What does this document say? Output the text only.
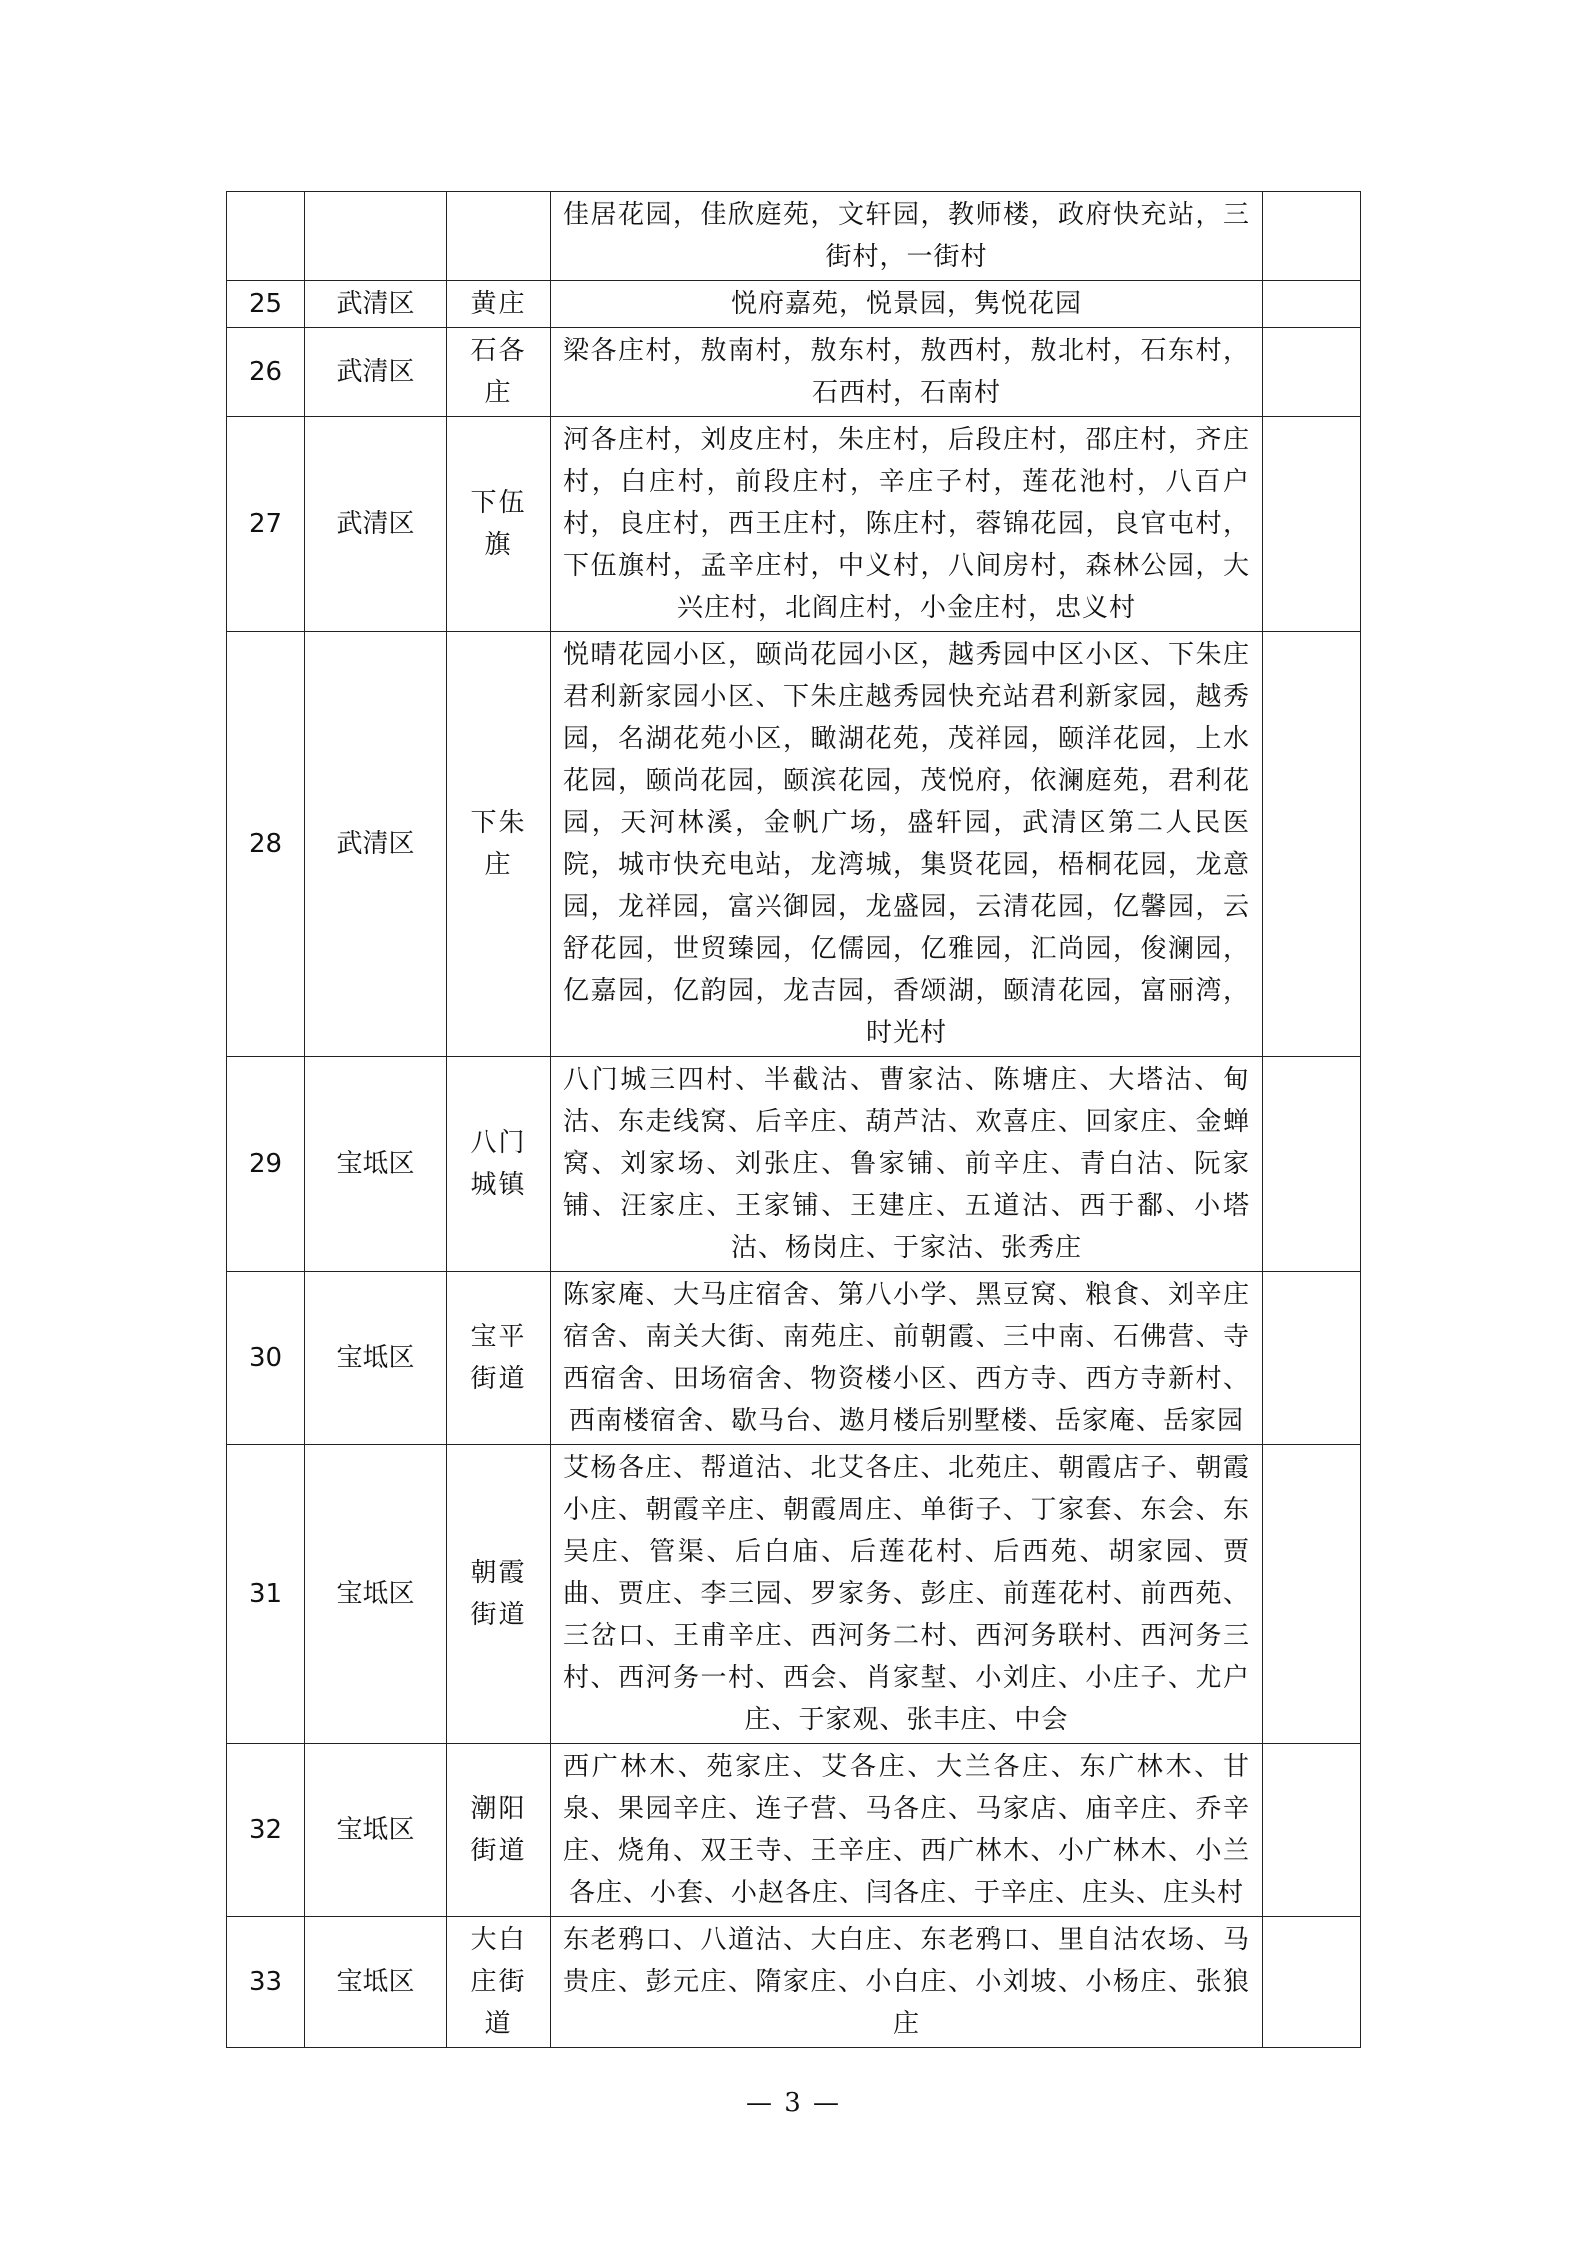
			佳居花园，佳欣庭苑，文轩园，教师楼，政府快充站，三街村，一街村	
25	武清区	黄庄	悦府嘉苑，悦景园，隽悦花园	
26	武清区	石各庄	梁各庄村，敖南村，敖东村，敖西村，敖北村，石东村，石西村，石南村	
27	武清区	下伍旗	河各庄村，刘皮庄村，朱庄村，后段庄村，邵庄村，齐庄村，白庄村，前段庄村，辛庄子村，莲花池村，八百户村，良庄村，西王庄村，陈庄村，蓉锦花园，良官屯村，下伍旗村，孟辛庄村，中义村，八间房村，森林公园，大兴庄村，北阎庄村，小金庄村，忠义村	
28	武清区	下朱庄	悦晴花园小区，颐尚花园小区，越秀园中区小区、下朱庄君利新家园小区、下朱庄越秀园快充站君利新家园，越秀园，名湖花苑小区，瞰湖花苑，茂祥园，颐洋花园，上水花园，颐尚花园，颐滨花园，茂悦府，依澜庭苑，君利花园，天河林溪，金帆广场，盛轩园，武清区第二人民医院，城市快充电站，龙湾城，集贤花园，梧桐花园，龙意园，龙祥园，富兴御园，龙盛园，云清花园，亿馨园，云舒花园，世贸臻园，亿儒园，亿雅园，汇尚园，俊澜园，亿嘉园，亿韵园，龙吉园，香颂湖，颐清花园，富丽湾，时光村	
29	宝坻区	八门城镇	八门城三四村、半截沽、曹家沽、陈塘庄、大塔沽、甸沽、东走线窝、后辛庄、葫芦沽、欢喜庄、回家庄、金蝉窝、刘家场、刘张庄、鲁家铺、前辛庄、青白沽、阮家铺、汪家庄、王家铺、王建庄、五道沽、西于鄱、小塔沽、杨岗庄、于家沽、张秀庄	
30	宝坻区	宝平街道	陈家庵、大马庄宿舍、第八小学、黑豆窝、粮食、刘辛庄宿舍、南关大街、南苑庄、前朝霞、三中南、石佛营、寺西宿舍、田场宿舍、物资楼小区、西方寺、西方寺新村、西南楼宿舍、歇马台、遨月楼后别墅楼、岳家庵、岳家园	
31	宝坻区	朝霞街道	艾杨各庄、帮道沽、北艾各庄、北苑庄、朝霞店子、朝霞小庄、朝霞辛庄、朝霞周庄、单街子、丁家套、东会、东吴庄、管渠、后白庙、后莲花村、后西苑、胡家园、贾曲、贾庄、李三园、罗家务、彭庄、前莲花村、前西苑、三岔口、王甫辛庄、西河务二村、西河务联村、西河务三村、西河务一村、西会、肖家堼、小刘庄、小庄子、尤户庄、于家观、张丰庄、中会	
32	宝坻区	潮阳街道	西广林木、苑家庄、艾各庄、大兰各庄、东广林木、甘泉、果园辛庄、连子营、马各庄、马家店、庙辛庄、乔辛庄、烧角、双王寺、王辛庄、西广林木、小广林木、小兰各庄、小套、小赵各庄、闫各庄、于辛庄、庄头、庄头村	
33	宝坻区	大白庄街道	东老鸦口、八道沽、大白庄、东老鸦口、里自沽农场、马贵庄、彭元庄、隋家庄、小白庄、小刘坡、小杨庄、张狼庄	
— 3 —
